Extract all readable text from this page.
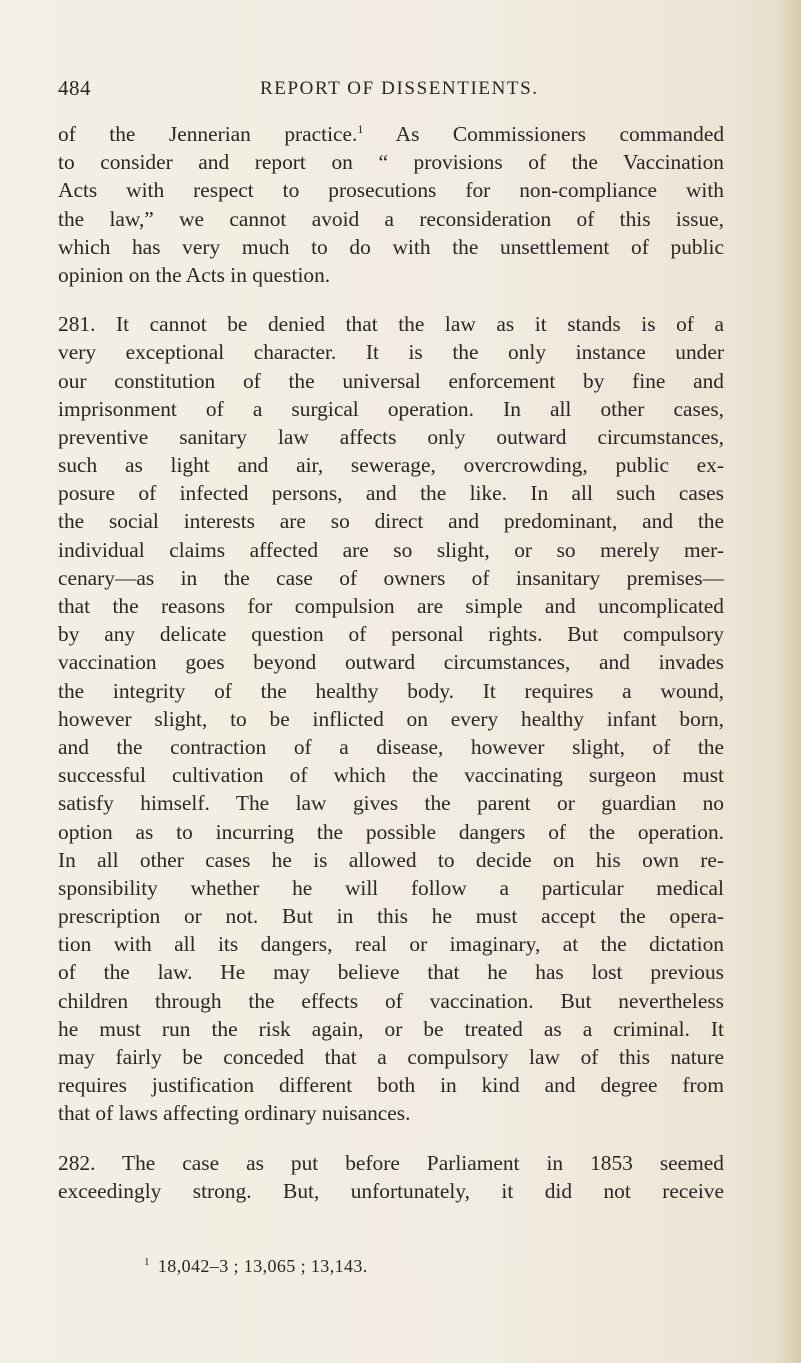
484	REPORT OF DISSENTIENTS.
of the Jennerian practice.$^1$ As Commissioners commanded
to consider and report on “ provisions of the Vaccination
Acts with respect to prosecutions for non-compliance with
the law,” we cannot avoid a reconsideration of this issue,
which has very much to do with the unsettlement of public
opinion on the Acts in question.
281. It cannot be denied that the law as it stands is of a
very exceptional character. It is the only instance under
our constitution of the universal enforcement by fine and
imprisonment of a surgical operation. In all other cases,
preventive sanitary law affects only outward circumstances,
such as light and air, sewerage, overcrowding, public ex-
posure of infected persons, and the like. In all such cases
the social interests are so direct and predominant, and the
individual claims affected are so slight, or so merely mer-
cenary—as in the case of owners of insanitary premises—
that the reasons for compulsion are simple and uncomplicated
by any delicate question of personal rights. But compulsory
vaccination goes beyond outward circumstances, and invades
the integrity of the healthy body. It requires a wound,
however slight, to be inflicted on every healthy infant born,
and the contraction of a disease, however slight, of the
successful cultivation of which the vaccinating surgeon must
satisfy himself. The law gives the parent or guardian no
option as to incurring the possible dangers of the operation.
In all other cases he is allowed to decide on his own re-
sponsibility whether he will follow a particular medical
prescription or not. But in this he must accept the opera-
tion with all its dangers, real or imaginary, at the dictation
of the law. He may believe that he has lost previous
children through the effects of vaccination. But nevertheless
he must run the risk again, or be treated as a criminal. It
may fairly be conceded that a compulsory law of this nature
requires justification different both in kind and degree from
that of laws affecting ordinary nuisances.
282. The case as put before Parliament in 1853 seemed
exceedingly strong. But, unfortunately, it did not receive
$^1$ 18,042–3 ; 13,065 ; 13,143.
